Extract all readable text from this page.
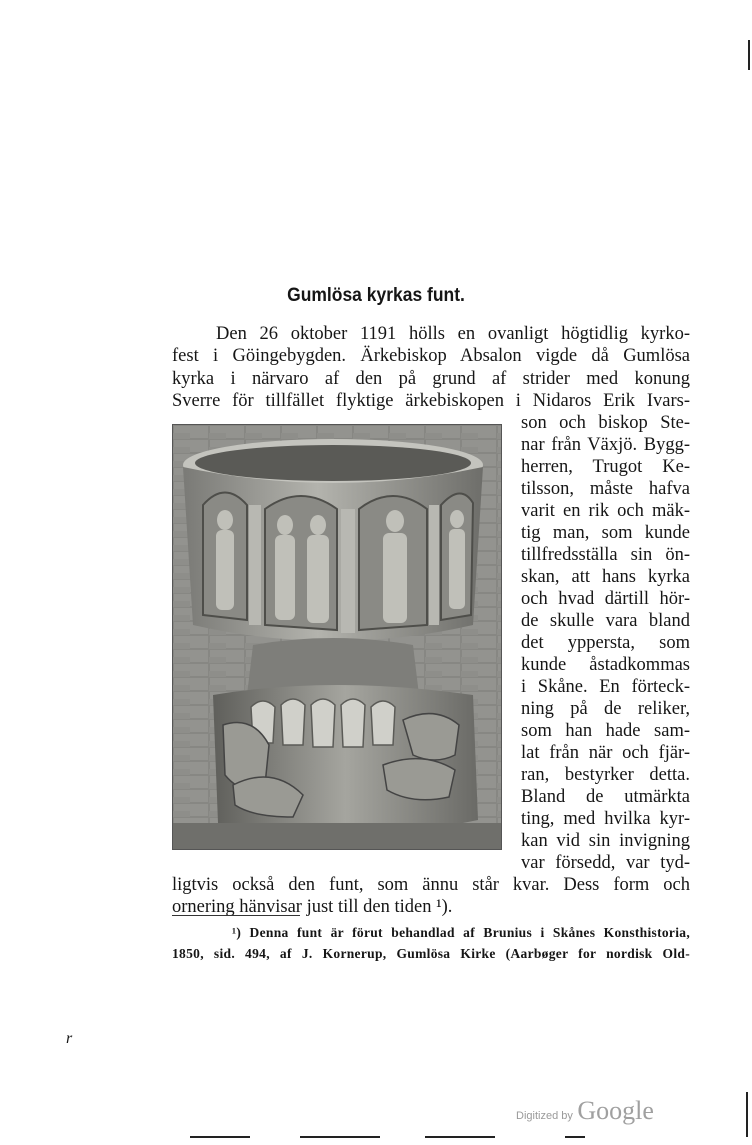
Gumlösa kyrkas funt.
Den 26 oktober 1191 hölls en ovanligt högtidlig kyrko-
fest i Göingebygden. Ärkebiskop Absalon vigde då Gumlösa
kyrka i närvaro af den på grund af strider med konung
Sverre för tillfället flyktige ärkebiskopen i Nidaros Erik Ivars-
son och biskop Ste-
nar från Växjö. Bygg-
herren, Trugot Ke-
tilsson, måste hafva
varit en rik och mäk-
tig man, som kunde
tillfredsställa sin ön-
skan, att hans kyrka
och hvad därtill hör-
de skulle vara bland
det yppersta, som
kunde åstadkommas
i Skåne. En förteck-
ning på de reliker,
som han hade sam-
lat från när och fjär-
ran, bestyrker detta.
Bland de utmärkta
ting, med hvilka kyr-
kan vid sin invigning
var försedd, var tyd-
ligtvis också den funt, som ännu står kvar. Dess form och
ornering hänvisar just till den tiden ¹).
¹) Denna funt är förut behandlad af Brunius i Skånes Konsthistoria,
1850, sid. 494, af J. Kornerup, Gumlösa Kirke (Aarbøger for nordisk Old-
r
Digitized by Google
